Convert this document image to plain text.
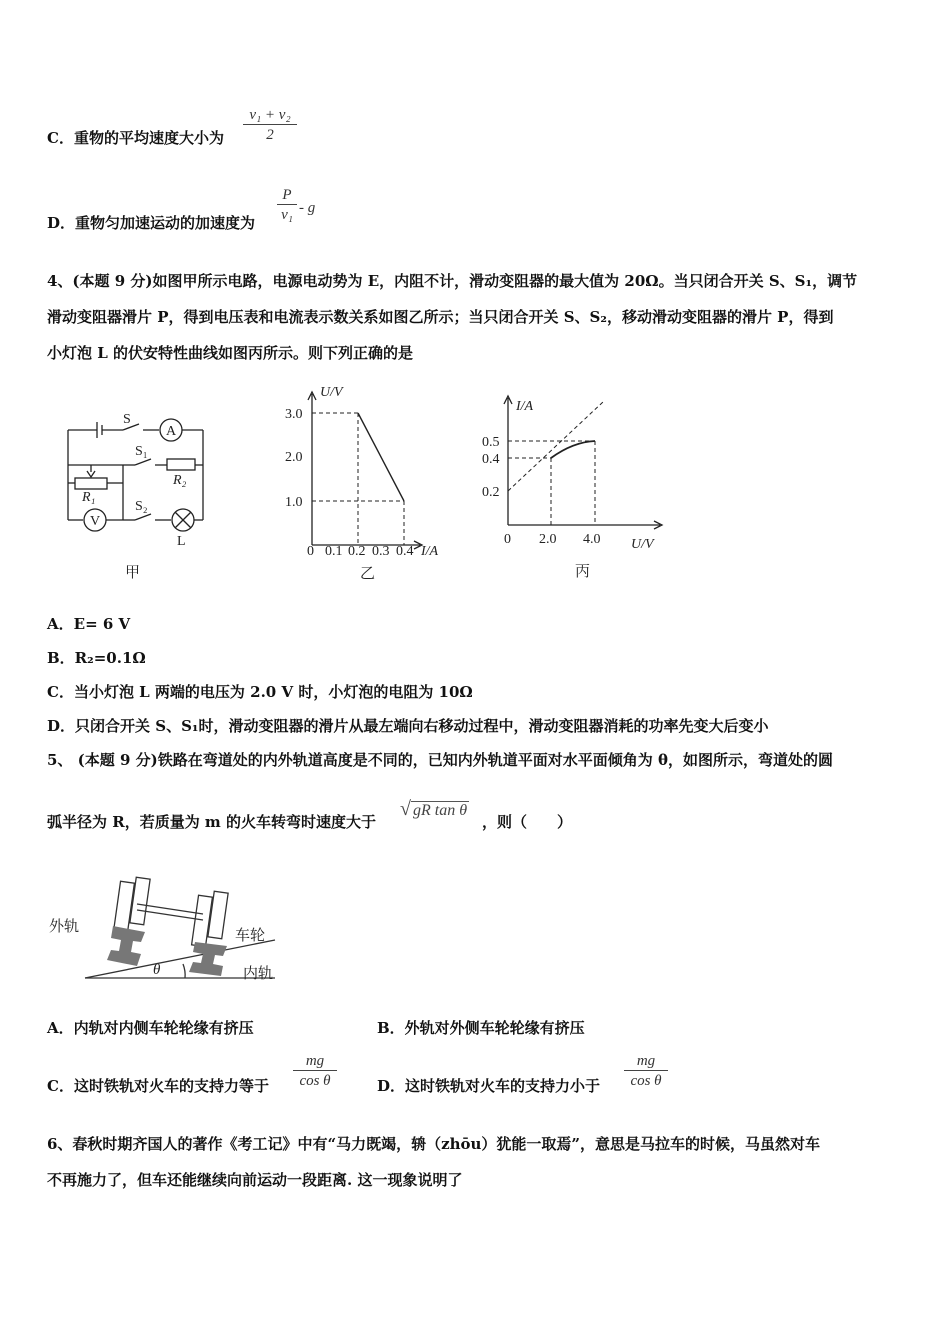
C．重物的平均速度大小为
v₁ + v₂
2
D．重物匀加速运动的加速度为
P
v₁ - g
4、(本题 9 分)如图甲所示电路，电源电动势为 E，内阻不计，滑动变阻器的最大值为 20Ω。当只闭合开关 S、S₁，调节
滑动变阻器滑片 P，得到电压表和电流表示数关系如图乙所示；当只闭合开关 S、S₂，移动滑动变阻器的滑片 P，得到
小灯泡 L 的伏安特性曲线如图丙所示。则下列正确的是
S
A
S₁
R₂
R₁
V
S₂
L
甲
U/V
3.0
2.0
1.0
0 0.1 0.2 0.3 0.4 I/A
乙
I/A
0.5
0.4
0.2
0 2.0 4.0 U/V
丙
A．E= 6 V
B．R₂=0.1Ω
C．当小灯泡 L 两端的电压为 2.0 V 时，小灯泡的电阻为 10Ω
D．只闭合开关 S、S₁时，滑动变阻器的滑片从最左端向右移动过程中，滑动变阻器消耗的功率先变大后变小
5、 (本题 9 分)铁路在弯道处的内外轨道高度是不同的，已知内外轨道平面对水平面倾角为 θ，如图所示，弯道处的圆
弧半径为 R，若质量为 m 的火车转弯时速度大于
√ gR tan θ
，则（　　）
外轨
车轮
内轨
θ
A．内轨对内侧车轮轮缘有挤压	B．外轨对外侧车轮轮缘有挤压
C．这时铁轨对火车的支持力等于
mg
cos θ	D．这时铁轨对火车的支持力小于
mg
cos θ
6、春秋时期齐国人的著作《考工记》中有“马力既竭，辀（zhōu）犹能一取焉”，意思是马拉车的时候，马虽然对车
不再施力了，但车还能继续向前运动一段距离. 这一现象说明了
